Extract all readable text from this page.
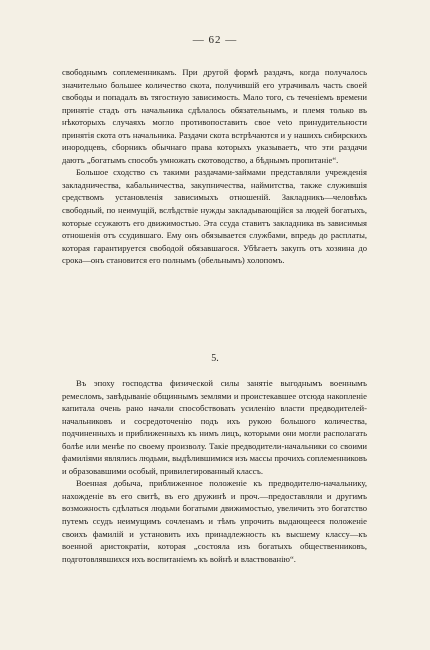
— 62 —

свободнымъ соплеменникамъ. При другой формѣ раздачъ, когда получалось значительно большее количество скота, получившій его утрачивалъ часть своей свободы и попадалъ въ тягостную зависимость. Мало того, съ теченіемъ времени принятіе стадъ отъ начальника сдѣлалось обязательнымъ, и племя только въ нѣкоторыхъ случаяхъ могло противопоставить свое veto принудительности принятія скота отъ начальника. Раздачи скота встрѣчаются и у нашихъ сибирскихъ инородцевъ, сборникъ обычнаго права которыхъ указываетъ, что эти раздачи даютъ „богатымъ способъ умножать скотоводство, а бѣднымъ пропитаніе“.

Большое сходство съ такими раздачами-займами представляли учрежденія закладничества, кабальничества, закупничества, наймитства, также служившія средствомъ установленія зависимыхъ отношеній. Закладникъ—человѣкъ свободный, по неимущій, вслѣдствіе нужды закладывающійся за людей богатыхъ, которые ссужаютъ его движимостью. Эта ссуда ставитъ закладника въ зависимыя отношенія отъ ссудившаго. Ему онъ обязывается службами, впредь до расплаты, которая гарантируется свободой обязавшагося. Убѣгаетъ закупъ отъ хозяина до срока—онъ становится его полнымъ (обельнымъ) холопомъ.

5.

Въ эпоху господства физической силы занятіе выгоднымъ военнымъ ремесломъ, завѣдываніе общиннымъ землями и проистекавшее отсюда накопленіе капитала очень рано начали способствовать усиленію власти предводителей-начальниковъ и сосредоточенію подъ ихъ рукою большого количества, подчиненныхъ и приближенныхъ къ нимъ лицъ, которыми они могли располагать болѣе или менѣе по своему произволу. Такіе предводители-начальники со своими фамиліями являлись людьми, выдѣлившимися изъ массы прочихъ соплеменниковъ и образовавшими особый, привилегированный классъ.

Военная добыча, приближенное положеніе къ предводителю-начальнику, нахожденіе въ его свитѣ, въ его дружинѣ и проч.—предоставляли и другимъ возможность сдѣлаться людьми богатыми движимостью, увеличить это богатство путемъ ссудъ неимущимъ сочленамъ и тѣмъ упрочить выдающееся положеніе своихъ фамилій и установить ихъ принадлежность къ высшему классу—къ военной аристократіи, которая „состояла изъ богатыхъ общественниковъ, подготовлявшихся ихъ воспитаніемъ къ войнѣ и властвованію“.
